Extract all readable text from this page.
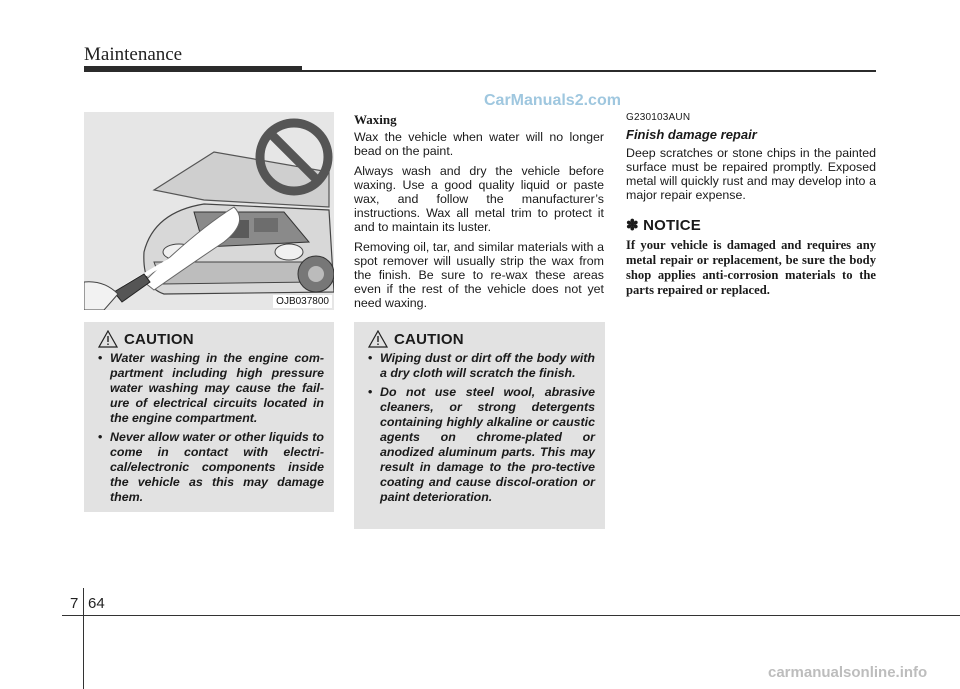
Maintenance
CarManuals2.com
OJB037800
CAUTION
• Water washing in the engine com-partment including high pressure water washing may cause the fail-ure of electrical circuits located in the engine compartment.
• Never allow water or other liquids to come in contact with electri-cal/electronic components inside the vehicle as this may damage them.
Waxing

Wax the vehicle when water will no longer bead on the paint.

Always wash and dry the vehicle before waxing. Use a good quality liquid or paste wax, and follow the manufacturer’s instructions. Wax all metal trim to protect it and to maintain its luster.

Removing oil, tar, and similar materials with a spot remover will usually strip the wax from the finish. Be sure to re-wax these areas even if the rest of the vehicle does not yet need waxing.

CAUTION
• Wiping dust or dirt off the body with a dry cloth will scratch the finish.
• Do not use steel wool, abrasive cleaners, or strong detergents containing highly alkaline or caustic agents on chrome-plated or anodized aluminum parts. This may result in damage to the pro-tective coating and cause discol-oration or paint deterioration.
G230103AUN
Finish damage repair

Deep scratches or stone chips in the painted surface must be repaired promptly. Exposed metal will quickly rust and may develop into a major repair expense.

✽ NOTICE

If your vehicle is damaged and requires any metal repair or replacement, be sure the body shop applies anti-corrosion materials to the parts repaired or replaced.

7 64
carmanualsonline.info
